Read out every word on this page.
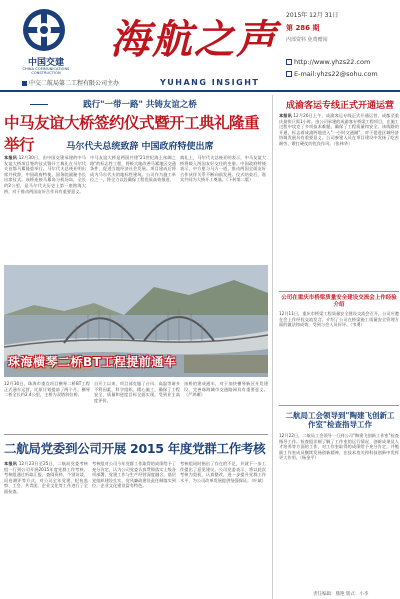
中国交建
CHINA COMMUNICATIONS CONSTRUCTION
海航之声
YUHANG INSIGHT
中交二航局第二工程有限公司主办
2015年 12月 31日
第 286 期
内部资料 免费赠阅
http://www.yhzs22.com
E-mail:yhzs22@sohu.com
践行"一带一路" 共铸友谊之桥
中马友谊大桥签约仪式暨开工典礼隆重举行	马尔代夫总统致辞 中国政府特使出席
本报讯 12月30日，由中国交建承建的中马友谊大桥项目签约仪式暨开工典礼在马尔代夫首都马累隆重举行。马尔代夫总统亚明出席并致辞，中国政府特使、国务院副秘书长出席仪式。该桥连接马累岛与机场岛，全长约2公里，是马尔代夫历史上第一座跨海大桥，对于推动两国友好合作具有重要意义。
中马友谊大桥是两国共建"21世纪海上丝绸之路"的标志性工程，将极大地改善马累地区交通条件，促进当地经济社会发展。项目建成后将成为马尔代夫的地标性建筑。公司作为施工单位之一，将全力以赴确保工程优质高效推进。
典礼上，马尔代夫总统亚明表示，中马友谊大桥将载入两国友好交往的史册。中国政府特使表示，中方愿与马方一道，推动两国全面友好合作伙伴关系不断向前发展。仪式结束后，嘉宾共同为大桥开工奠基。（下转第二版）
珠海横琴二桥BT工程提前通车
12月30日，珠海市重点项目横琴二桥BT工程正式通车运营，比原计划提前了两个月。横琴二桥全长约2.4公里，主桥为双塔斜拉桥。
自开工以来，项目部克服了台风、高温等诸多不利因素，科学组织、精心施工，确保了工程安全、质量和进度目标全面实现，受到业主高度评价。
该桥的建成通车，对于加快横琴新区开发建设、完善珠海城市交通路网具有重要意义。（严鸿雁）
二航局党委到公司开展 2015 年度党群工作考核
本报讯 12月23日至25日，二航局党委考核组一行到公司开展2015年度党群工作考核。考核组通过听取汇报、查阅资料、个别访谈、问卷测评等方式，对公司全年党建、纪检监察、工会、共青团、企业文化等工作进行了全面检查。
考核组对公司今年党群工作取得的成绩给予了充分肯定，认为公司党委认真贯彻落实上级各项部署，党建工作与生产经营深度融合，基层党组织建设扎实，党风廉政建设责任制落实到位，企业文化建设富有特色。
考核组同时指出了存在的不足，并就下一步工作提出了意见建议。公司党委表示，将以此次考核为契机，认真整改，进一步提升党群工作水平，为公司改革发展提供坚强保证。（叶斌）
成渝客运专线正式开通运营
本报讯 12月26日上午，成渝客运专线正式开通运营，成都至重庆最快只需1小时。由公司承建的成渝客专桥梁工程项目，在施工过程中攻克了多项技术难题，确保了工程质量和安全。该线路的开通，标志着成渝两地进入"一小时交通圈"，对于促进区域经济协调发展具有重要意义。公司参建人员在项目建设中发扬了吃苦耐劳、敢打硬仗的优良作风。（张林华）
公司在重庆市桥梁质量安全建设交流会上作经验介绍
12月11日，重庆市桥梁工程质量安全建设交流会召开，公司应邀在会上作经验交流发言，介绍了公司在桥梁施工质量安全管理方面的做法和成效，受到与会人员好评。（韦勇）
二航局工会领导到"陶建飞创新工作室"检查指导工作
12月22日，二航局工会领导一行到公司"陶建飞创新工作室"检查指导工作。检查组详细了解了工作室的运行情况、创新成果及人才培养等方面的工作，对工作室取得的成绩给予充分肯定，并勉励工作室成员继续发扬创新精神，在技术攻关和科技创新中发挥更大作用。（杨金平）
责任编辑：熊艳 版式：小李
